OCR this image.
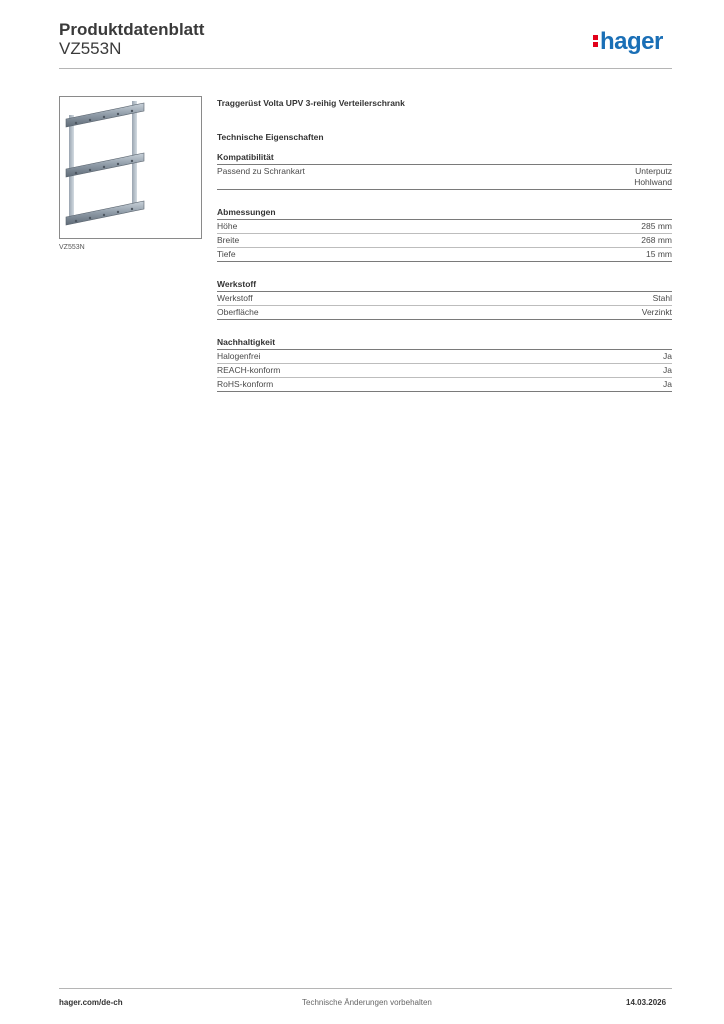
Produktdatenblatt
VZ553N	hager
VZ553N
Traggerüst Volta UPV 3-reihig Verteilerschrank
Technische Eigenschaften
Kompatibilität
Passend zu Schrankart	Unterputz
Hohlwand
Abmessungen
Höhe	285 mm
Breite	268 mm
Tiefe	15 mm
Werkstoff
Werkstoff	Stahl
Oberfläche	Verzinkt
Nachhaltigkeit
Halogenfrei	Ja
REACH-konform	Ja
RoHS-konform	Ja
hager.com/de-ch	Technische Änderungen vorbehalten	14.03.2026
